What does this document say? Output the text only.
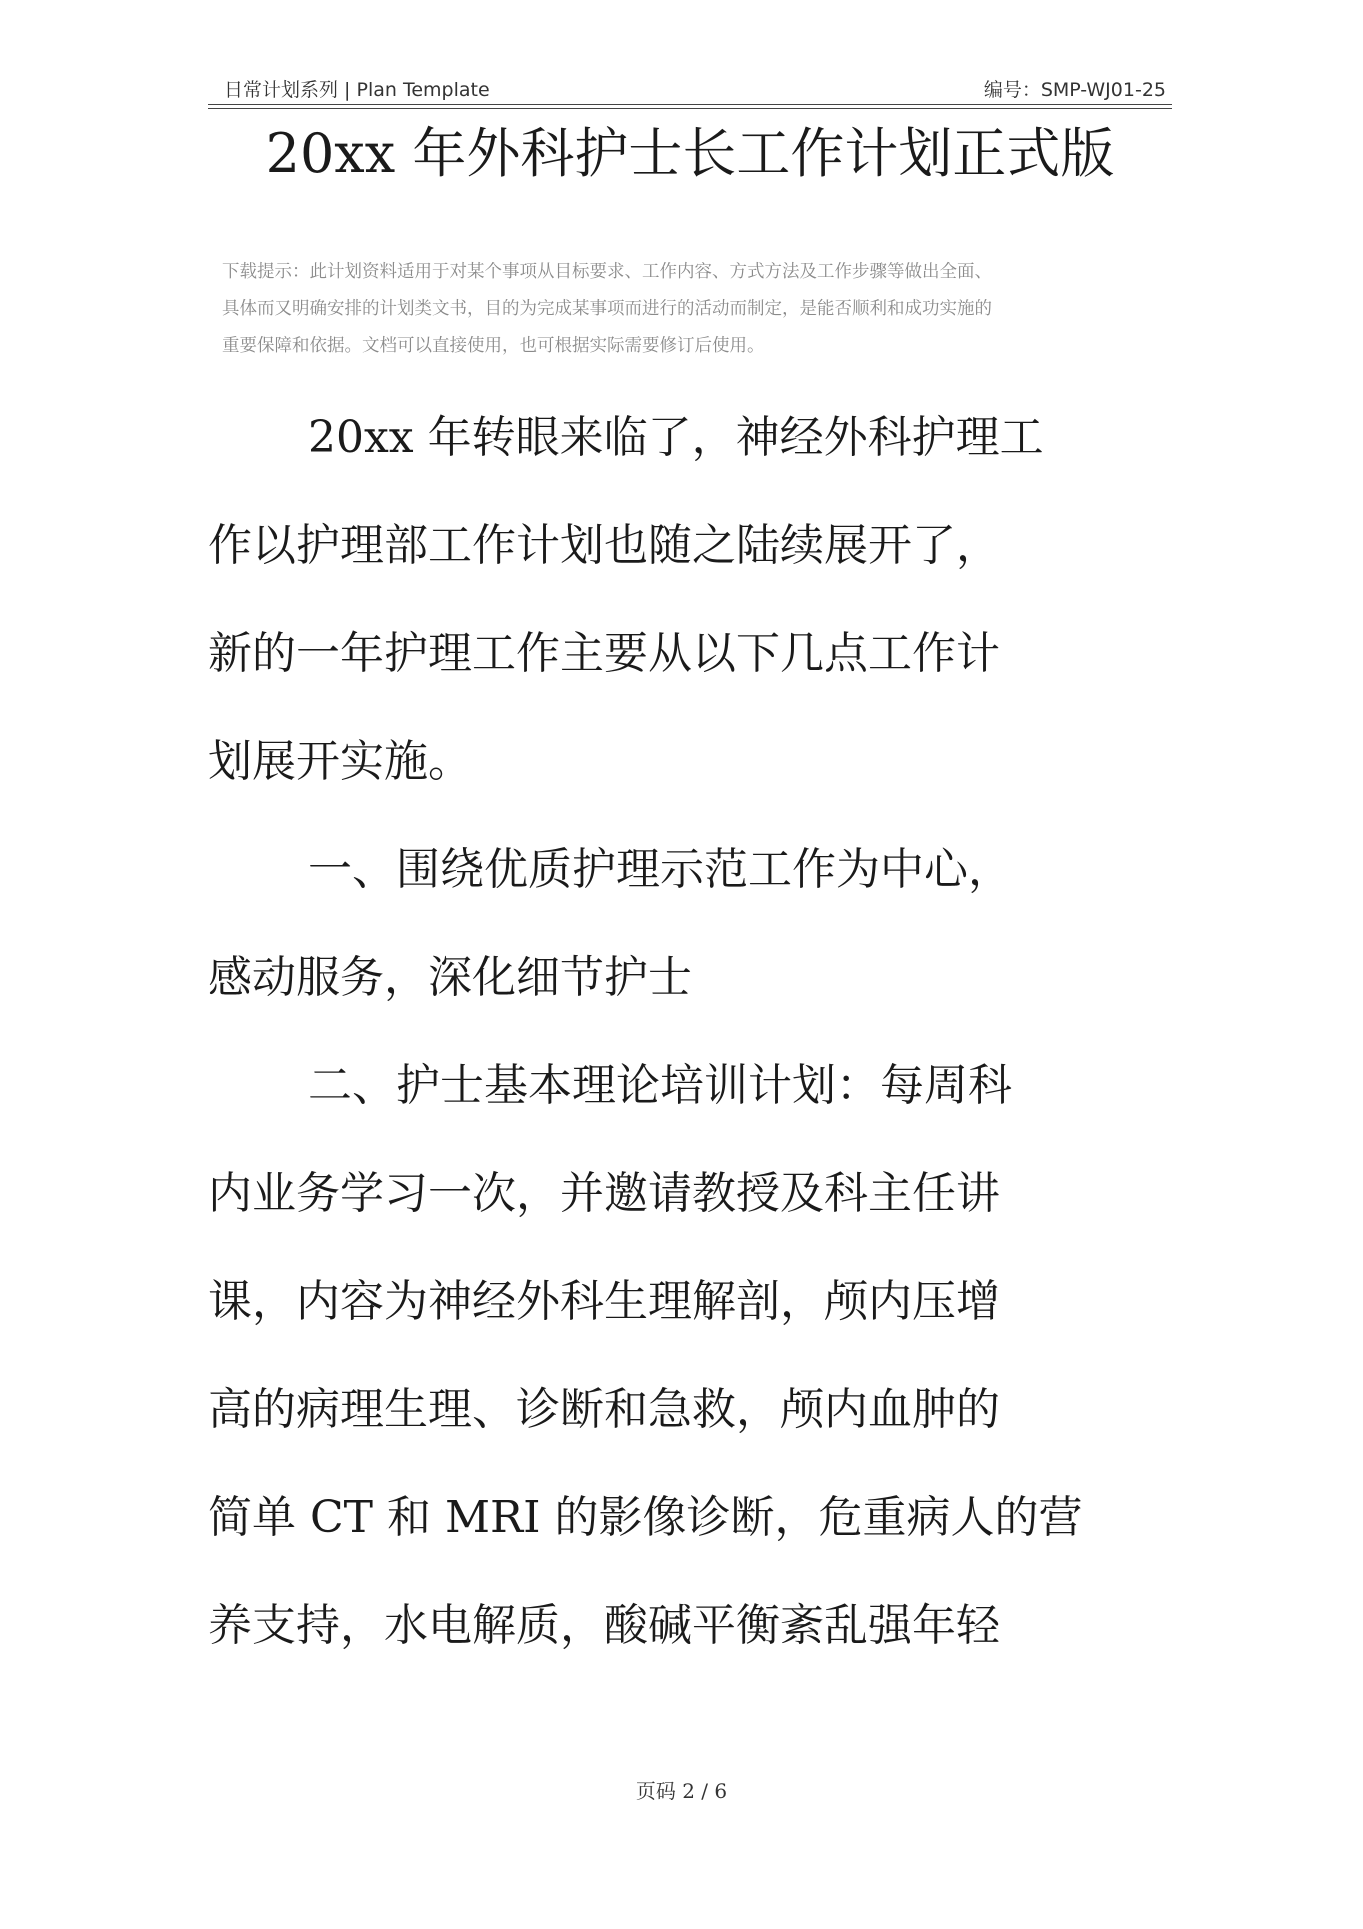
日常计划系列 | Plan Template	编号：SMP-WJ01-25
20xx 年外科护士长工作计划正式版
下载提示：此计划资料适用于对某个事项从目标要求、工作内容、方式方法及工作步骤等做出全面、
具体而又明确安排的计划类文书，目的为完成某事项而进行的活动而制定，是能否顺利和成功实施的
重要保障和依据。文档可以直接使用，也可根据实际需要修订后使用。
20xx 年转眼来临了，神经外科护理工
作以护理部工作计划也随之陆续展开了，
新的一年护理工作主要从以下几点工作计
划展开实施。
一、围绕优质护理示范工作为中心，
感动服务，深化细节护士
二、护士基本理论培训计划：每周科
内业务学习一次，并邀请教授及科主任讲
课，内容为神经外科生理解剖，颅内压增
高的病理生理、诊断和急救，颅内血肿的
简单 CT 和 MRI 的影像诊断，危重病人的营
养支持，水电解质，酸碱平衡紊乱强年轻
页码 2 / 6
